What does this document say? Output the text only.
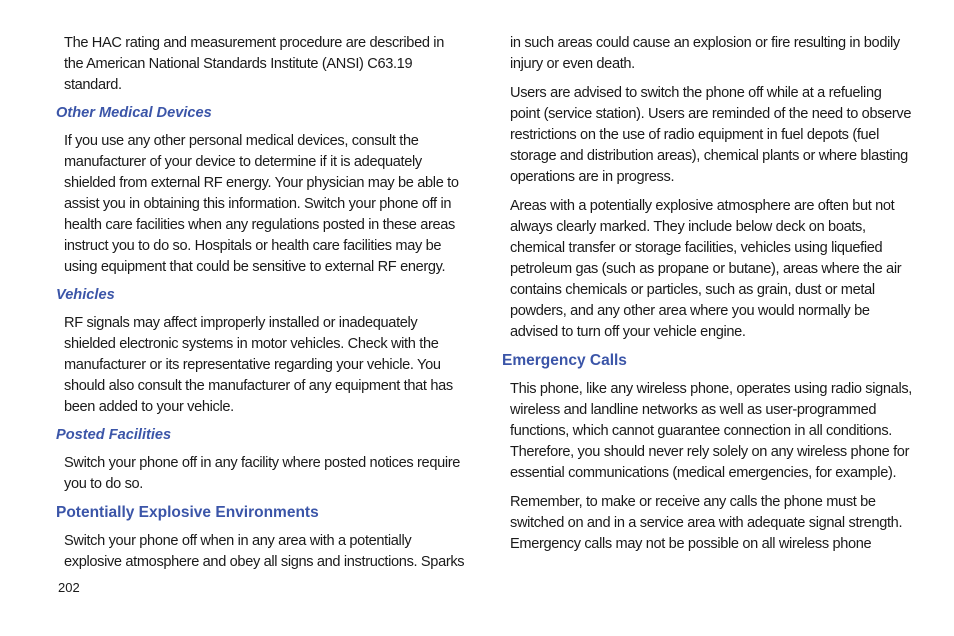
The HAC rating and measurement procedure are described in the American National Standards Institute (ANSI) C63.19 standard.

Other Medical Devices

If you use any other personal medical devices, consult the manufacturer of your device to determine if it is adequately shielded from external RF energy. Your physician may be able to assist you in obtaining this information. Switch your phone off in health care facilities when any regulations posted in these areas instruct you to do so. Hospitals or health care facilities may be using equipment that could be sensitive to external RF energy.

Vehicles

RF signals may affect improperly installed or inadequately shielded electronic systems in motor vehicles. Check with the manufacturer or its representative regarding your vehicle. You should also consult the manufacturer of any equipment that has been added to your vehicle.

Posted Facilities

Switch your phone off in any facility where posted notices require you to do so.

Potentially Explosive Environments

Switch your phone off when in any area with a potentially explosive atmosphere and obey all signs and instructions. Sparks

in such areas could cause an explosion or fire resulting in bodily injury or even death.

Users are advised to switch the phone off while at a refueling point (service station). Users are reminded of the need to observe restrictions on the use of radio equipment in fuel depots (fuel storage and distribution areas), chemical plants or where blasting operations are in progress.

Areas with a potentially explosive atmosphere are often but not always clearly marked. They include below deck on boats, chemical transfer or storage facilities, vehicles using liquefied petroleum gas (such as propane or butane), areas where the air contains chemicals or particles, such as grain, dust or metal powders, and any other area where you would normally be advised to turn off your vehicle engine.

Emergency Calls

This phone, like any wireless phone, operates using radio signals, wireless and landline networks as well as user-programmed functions, which cannot guarantee connection in all conditions. Therefore, you should never rely solely on any wireless phone for essential communications (medical emergencies, for example).

Remember, to make or receive any calls the phone must be switched on and in a service area with adequate signal strength. Emergency calls may not be possible on all wireless phone

202
